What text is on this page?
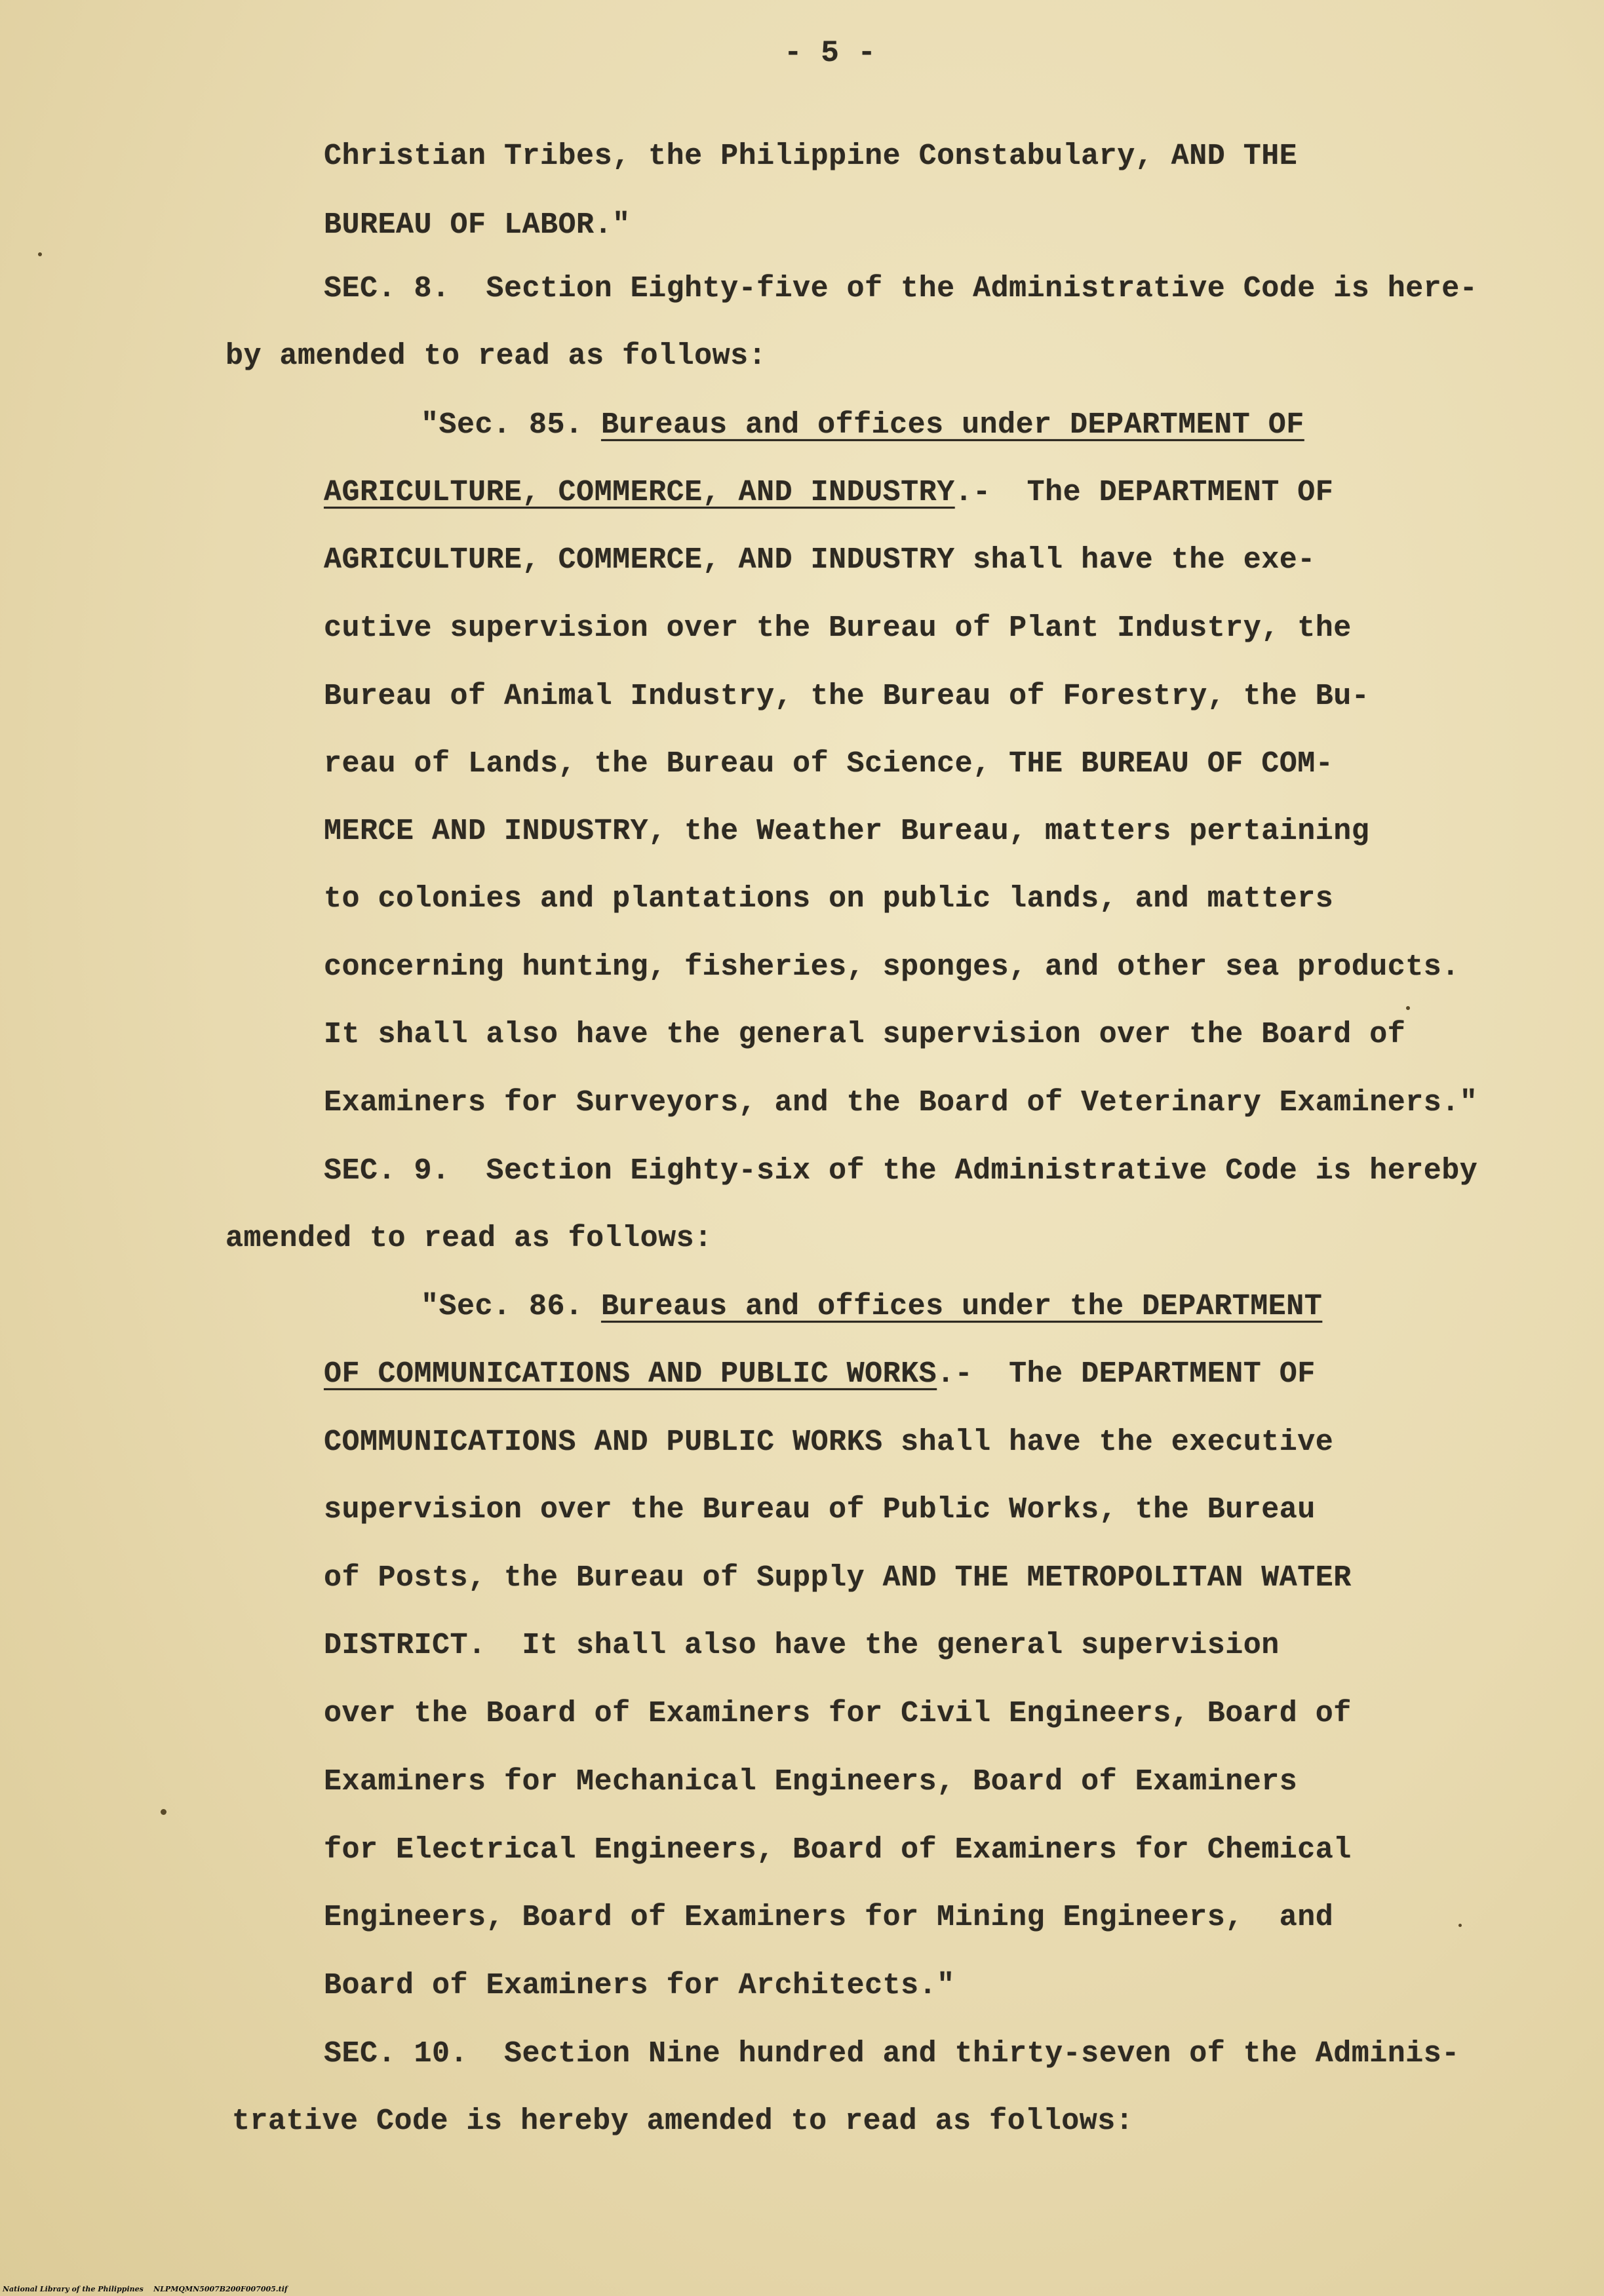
- 5 -
Christian Tribes, the Philippine Constabulary, AND THE
BUREAU OF LABOR."
SEC. 8.  Section Eighty-five of the Administrative Code is here-
by amended to read as follows:
"Sec. 85. Bureaus and offices under DEPARTMENT OF
AGRICULTURE, COMMERCE, AND INDUSTRY.-  The DEPARTMENT OF
AGRICULTURE, COMMERCE, AND INDUSTRY shall have the exe-
cutive supervision over the Bureau of Plant Industry, the
Bureau of Animal Industry, the Bureau of Forestry, the Bu-
reau of Lands, the Bureau of Science, THE BUREAU OF COM-
MERCE AND INDUSTRY, the Weather Bureau, matters pertaining
to colonies and plantations on public lands, and matters
concerning hunting, fisheries, sponges, and other sea products.
It shall also have the general supervision over the Board of
Examiners for Surveyors, and the Board of Veterinary Examiners."
SEC. 9.  Section Eighty-six of the Administrative Code is hereby
amended to read as follows:
"Sec. 86. Bureaus and offices under the DEPARTMENT
OF COMMUNICATIONS AND PUBLIC WORKS.-  The DEPARTMENT OF
COMMUNICATIONS AND PUBLIC WORKS shall have the executive
supervision over the Bureau of Public Works, the Bureau
of Posts, the Bureau of Supply AND THE METROPOLITAN WATER
DISTRICT.  It shall also have the general supervision
over the Board of Examiners for Civil Engineers, Board of
Examiners for Mechanical Engineers, Board of Examiners
for Electrical Engineers, Board of Examiners for Chemical
Engineers, Board of Examiners for Mining Engineers,  and
Board of Examiners for Architects."
SEC. 10.  Section Nine hundred and thirty-seven of the Adminis-
trative Code is hereby amended to read as follows:
National Library of the Philippines    NLPMQMN5007B200F007005.tif
